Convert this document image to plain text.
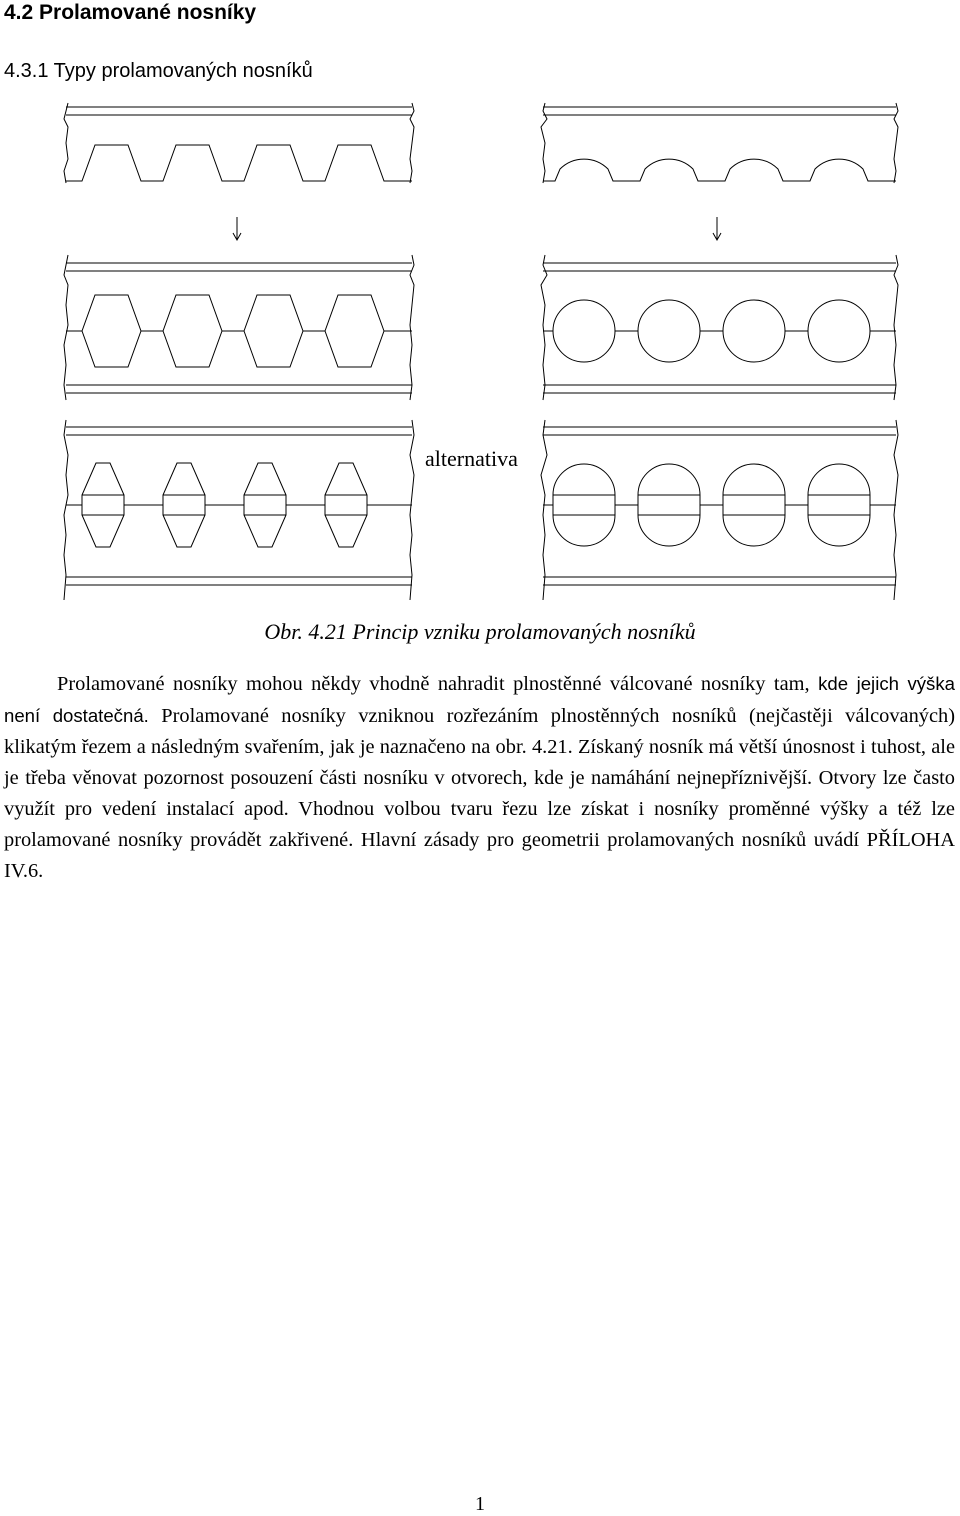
4.2 Prolamované nosníky
4.3.1 Typy prolamovaných nosníků
alternativa
Obr. 4.21 Princip vzniku prolamovaných nosníků

Prolamované nosníky mohou někdy vhodně nahradit plnostěnné válcované nosníky tam, kde jejich výška není dostatečná. Prolamované nosníky vzniknou rozřezáním plnostěnných nosníků (nejčastěji válcovaných) klikatým řezem a následným svařením, jak je naznačeno na obr. 4.21. Získaný nosník má větší únosnost i tuhost, ale je třeba věnovat pozornost posouzení části nosníku v otvorech, kde je namáhání nejnepříznivější. Otvory lze často využít pro vedení instalací apod. Vhodnou volbou tvaru řezu lze získat i nosníky proměnné výšky a též lze prolamované nosníky provádět zakřivené. Hlavní zásady pro geometrii prolamovaných nosníků uvádí PŘÍLOHA IV.6.

1
